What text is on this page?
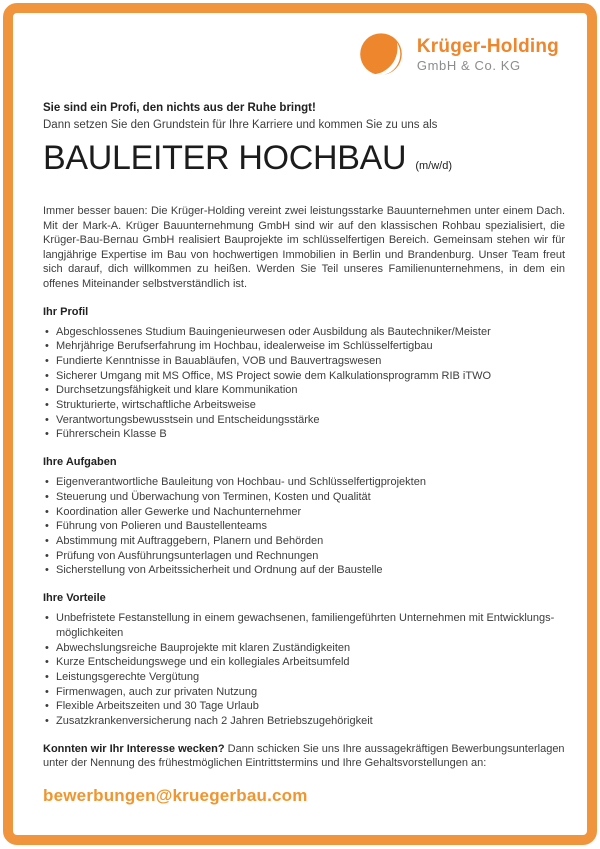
Krüger-Holding
GmbH & Co. KG
Sie sind ein Profi, den nichts aus der Ruhe bringt!
Dann setzen Sie den Grundstein für Ihre Karriere und kommen Sie zu uns als
BAULEITER HOCHBAU (m/w/d)

Immer besser bauen: Die Krüger-Holding vereint zwei leistungsstarke Bauunternehmen unter einem Dach. Mit der Mark-A. Krüger Bauunternehmung GmbH sind wir auf den klassischen Rohbau spezialisiert, die Krüger-Bau-Bernau GmbH realisiert Bauprojekte im schlüsselfertigen Bereich. Gemeinsam stehen wir für langjährige Expertise im Bau von hochwertigen Immobilien in Berlin und Brandenburg. Unser Team freut sich darauf, dich willkommen zu heißen. Werden Sie Teil unseres Familienunternehmens, in dem ein offenes Miteinander selbstverständlich ist.

Ihr Profil
• Abgeschlossenes Studium Bauingenieurwesen oder Ausbildung als Bautechniker/Meister
• Mehrjährige Berufserfahrung im Hochbau, idealerweise im Schlüsselfertigbau
• Fundierte Kenntnisse in Bauabläufen, VOB und Bauvertragswesen
• Sicherer Umgang mit MS Office, MS Project sowie dem Kalkulationsprogramm RIB iTWO
• Durchsetzungsfähigkeit und klare Kommunikation
• Strukturierte, wirtschaftliche Arbeitsweise
• Verantwortungsbewusstsein und Entscheidungsstärke
• Führerschein Klasse B
Ihre Aufgaben
• Eigenverantwortliche Bauleitung von Hochbau- und Schlüsselfertigprojekten
• Steuerung und Überwachung von Terminen, Kosten und Qualität
• Koordination aller Gewerke und Nachunternehmer
• Führung von Polieren und Baustellenteams
• Abstimmung mit Auftraggebern, Planern und Behörden
• Prüfung von Ausführungsunterlagen und Rechnungen
• Sicherstellung von Arbeitssicherheit und Ordnung auf der Baustelle
Ihre Vorteile
• Unbefristete Festanstellung in einem gewachsenen, familiengeführten Unternehmen mit Entwicklungsmöglichkeiten
• Abwechslungsreiche Bauprojekte mit klaren Zuständigkeiten
• Kurze Entscheidungswege und ein kollegiales Arbeitsumfeld
• Leistungsgerechte Vergütung
• Firmenwagen, auch zur privaten Nutzung
• Flexible Arbeitszeiten und 30 Tage Urlaub
• Zusatzkrankenversicherung nach 2 Jahren Betriebszugehörigkeit

Konnten wir Ihr Interesse wecken? Dann schicken Sie uns Ihre aussagekräftigen Bewerbungsunterlagen unter der Nennung des frühestmöglichen Eintrittstermins und Ihre Gehaltsvorstellungen an:

bewerbungen@kruegerbau.com
